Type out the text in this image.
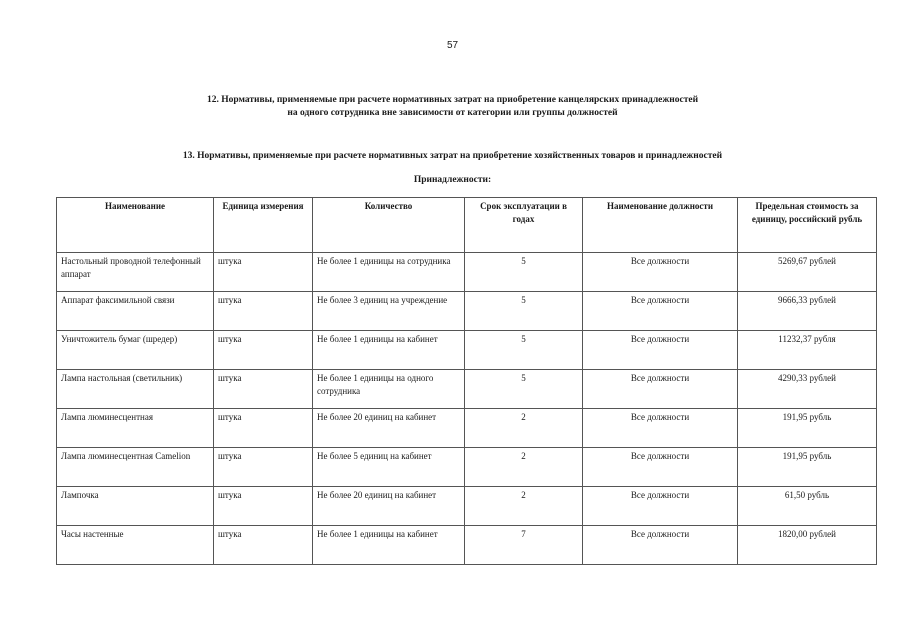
57
12. Нормативы, применяемые при расчете нормативных затрат на приобретение канцелярских принадлежностей
на одного сотрудника вне зависимости от категории или группы должностей
13. Нормативы, применяемые при расчете нормативных затрат на приобретение хозяйственных товаров и принадлежностей
Принадлежности:
Наименование	Единица измерения	Количество	Срок эксплуатации в годах	Наименование должности	Предельная стоимость за единицу, российский рубль
Настольный проводной телефонный аппарат	штука	Не более 1 единицы на сотрудника	5	Все должности	5269,67 рублей
Аппарат факсимильной связи	штука	Не более 3 единиц на учреждение	5	Все должности	9666,33 рублей
Уничтожитель бумаг (шредер)	штука	Не более 1 единицы на кабинет	5	Все должности	11232,37 рубля
Лампа настольная (светильник)	штука	Не более 1 единицы на одного сотрудника	5	Все должности	4290,33 рублей
Лампа люминесцентная	штука	Не более 20 единиц на кабинет	2	Все должности	191,95 рубль
Лампа люминесцентная Camelion	штука	Не более 5 единиц на кабинет	2	Все должности	191,95 рубль
Лампочка	штука	Не более 20 единиц на кабинет	2	Все должности	61,50 рубль
Часы настенные	штука	Не более 1 единицы на кабинет	7	Все должности	1820,00 рублей
